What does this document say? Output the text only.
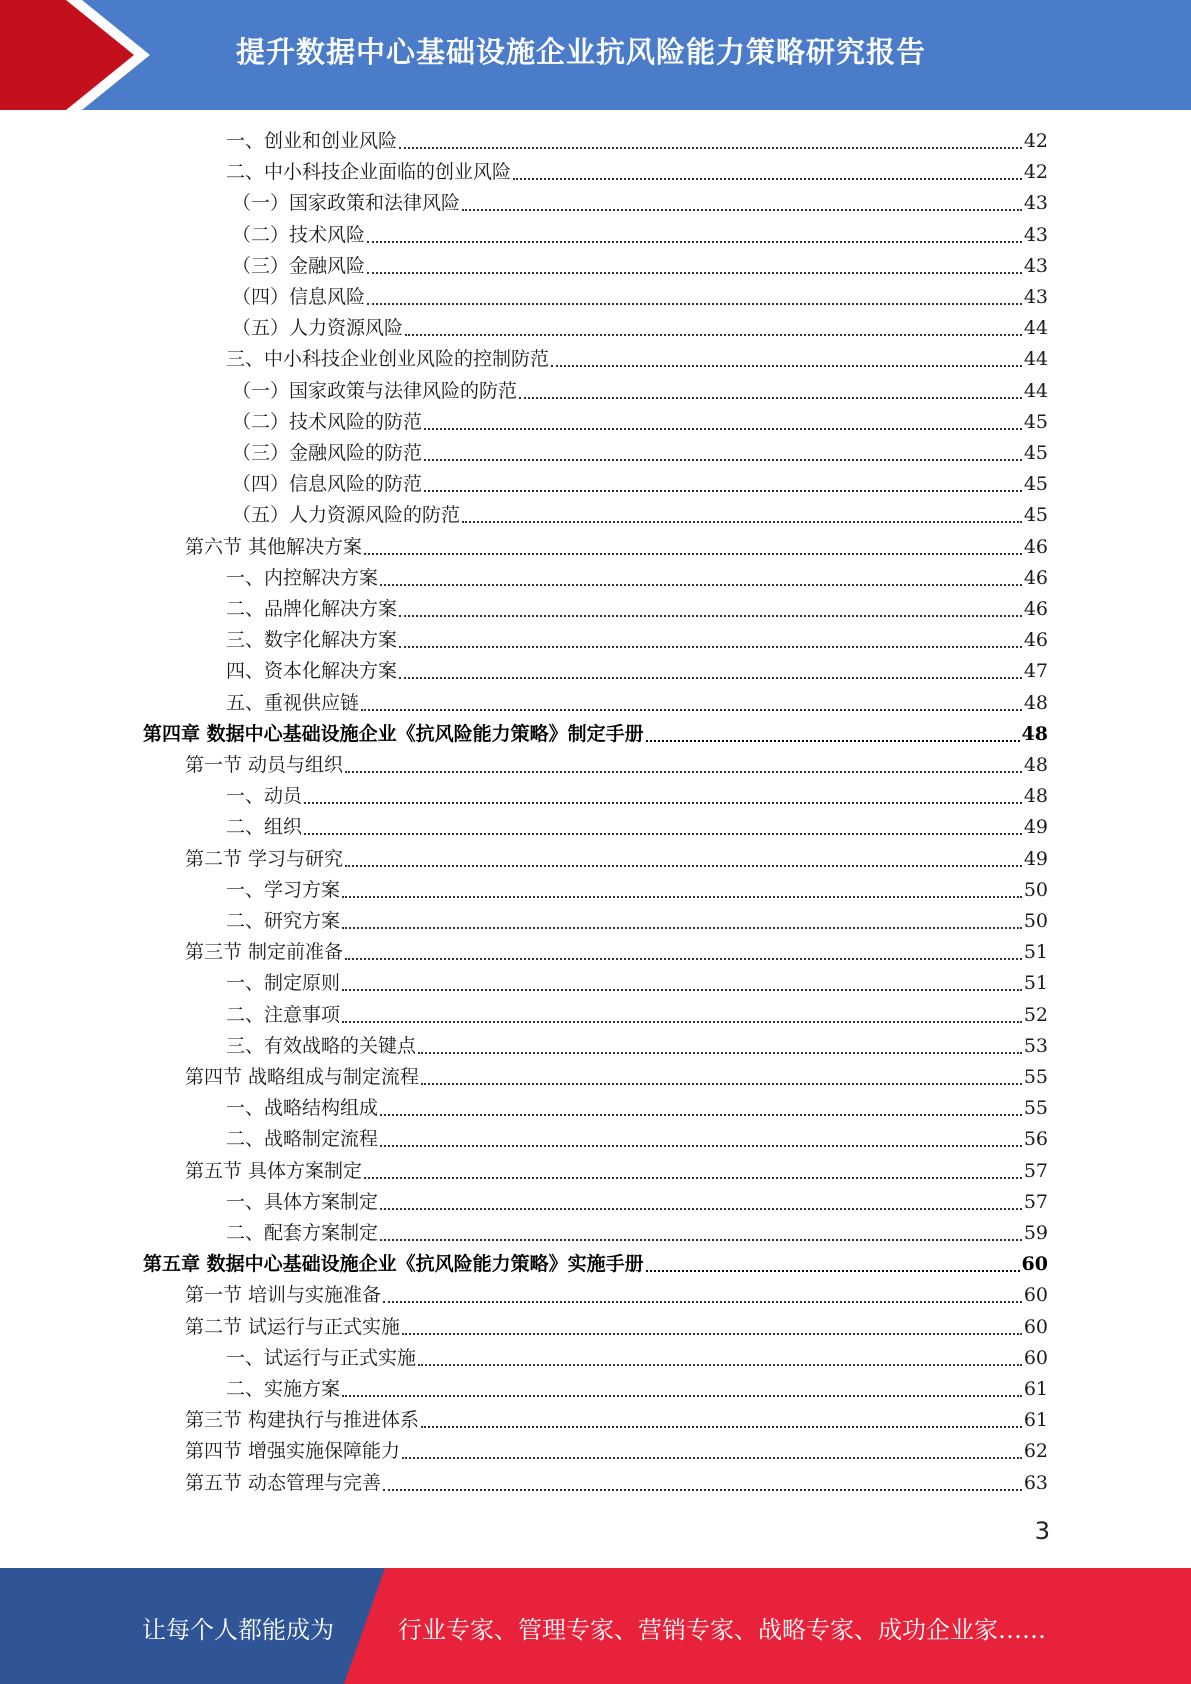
提升数据中心基础设施企业抗风险能力策略研究报告
一、创业和创业风险	42
二、中小科技企业面临的创业风险	42
（一）国家政策和法律风险	43
（二）技术风险	43
（三）金融风险	43
（四）信息风险	43
（五）人力资源风险	44
三、中小科技企业创业风险的控制防范	44
（一）国家政策与法律风险的防范	44
（二）技术风险的防范	45
（三）金融风险的防范	45
（四）信息风险的防范	45
（五）人力资源风险的防范	45
第六节 其他解决方案	46
一、内控解决方案	46
二、品牌化解决方案	46
三、数字化解决方案	46
四、资本化解决方案	47
五、重视供应链	48
第四章 数据中心基础设施企业《抗风险能力策略》制定手册	48
第一节 动员与组织	48
一、动员	48
二、组织	49
第二节 学习与研究	49
一、学习方案	50
二、研究方案	50
第三节 制定前准备	51
一、制定原则	51
二、注意事项	52
三、有效战略的关键点	53
第四节 战略组成与制定流程	55
一、战略结构组成	55
二、战略制定流程	56
第五节 具体方案制定	57
一、具体方案制定	57
二、配套方案制定	59
第五章 数据中心基础设施企业《抗风险能力策略》实施手册	60
第一节 培训与实施准备	60
第二节 试运行与正式实施	60
一、试运行与正式实施	60
二、实施方案	61
第三节 构建执行与推进体系	61
第四节 增强实施保障能力	62
第五节 动态管理与完善	63
3
让每个人都能成为	行业专家、管理专家、营销专家、战略专家、成功企业家……
